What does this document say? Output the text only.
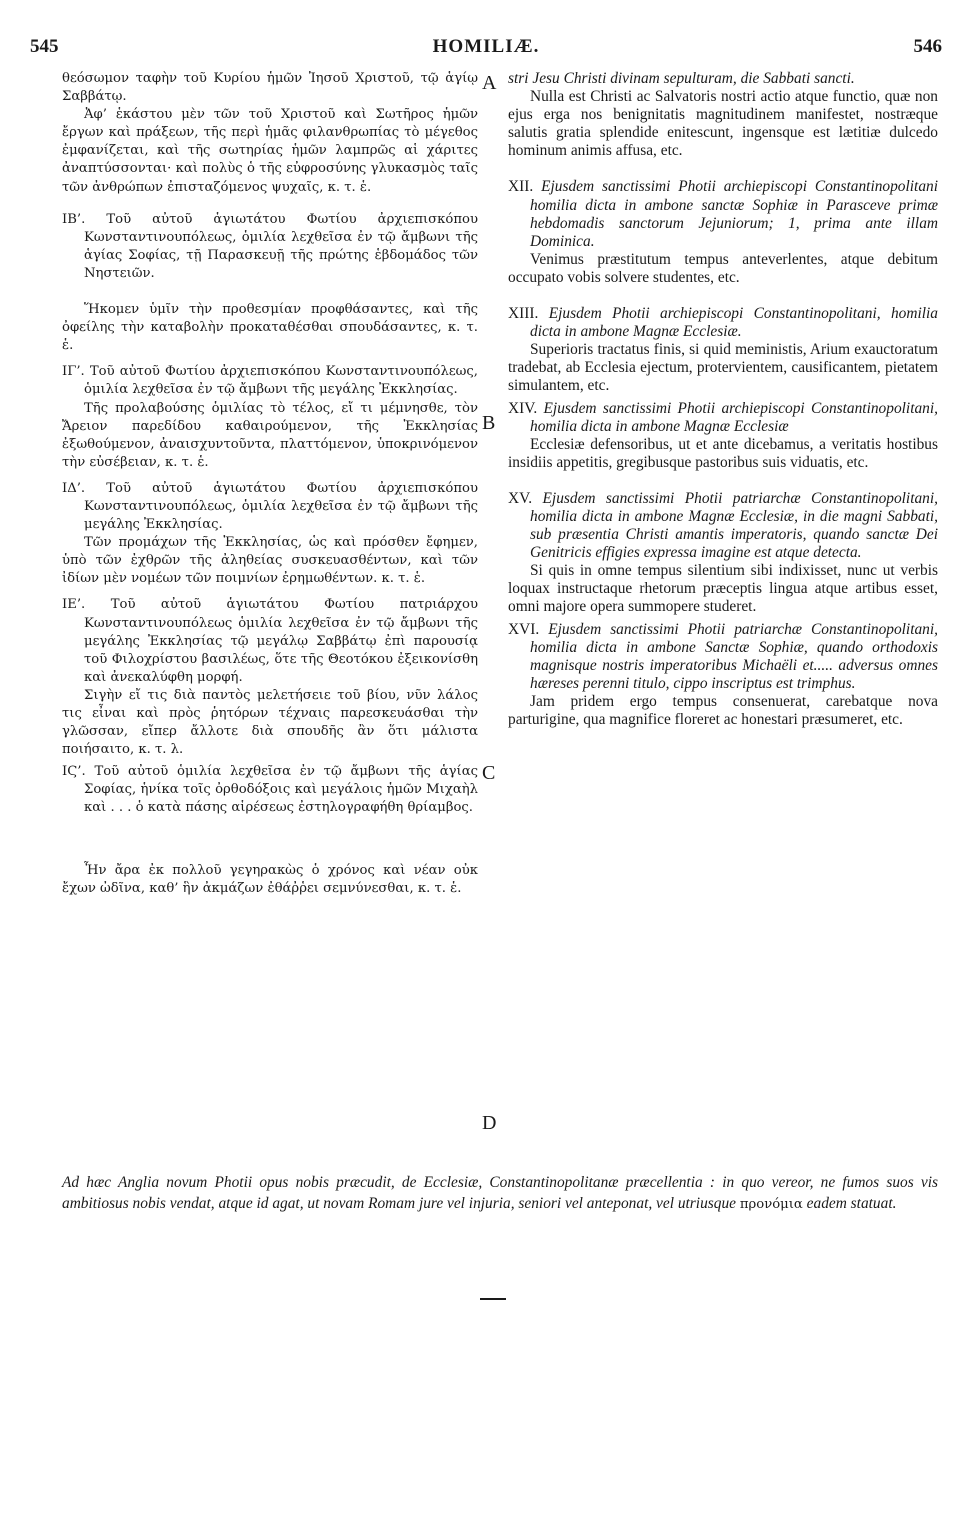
545	HOMILIÆ.	546

θεόσωμον ταφὴν τοῦ Κυρίου ἡμῶν Ἰησοῦ Χριστοῦ, τῷ ἁγίῳ Σαββάτῳ.

Ἀφ’ ἑκάστου μὲν τῶν τοῦ Χριστοῦ καὶ Σωτῆρος ἡμῶν ἔργων καὶ πράξεων, τῆς περὶ ἡμᾶς φιλανθρωπίας τὸ μέγεθος ἐμφανίζεται, καὶ τῆς σωτηρίας ἡμῶν λαμπρῶς αἱ χάριτες ἀναπτύσσονται· καὶ πολὺς ὁ τῆς εὐφροσύνης γλυκασμὸς ταῖς τῶν ἀνθρώπων ἐπισταζόμενος ψυχαῖς, κ. τ. ἑ.

ΙΒ’. Τοῦ αὐτοῦ ἁγιωτάτου Φωτίου ἀρχιεπισκόπου Κωνσταντινουπόλεως, ὁμιλία λεχθεῖσα ἐν τῷ ἄμβωνι τῆς ἁγίας Σοφίας, τῇ Παρασκευῇ τῆς πρώτης ἑβδομάδος τῶν Νηστειῶν.

Ἥκομεν ὑμῖν τὴν προθεσμίαν προφθάσαντες, καὶ τῆς ὀφείλης τὴν καταβολὴν προκαταθέσθαι σπουδάσαντες, κ. τ. ἑ.

ΙΓ’. Τοῦ αὐτοῦ Φωτίου ἀρχιεπισκόπου Κωνσταντινουπόλεως, ὁμιλία λεχθεῖσα ἐν τῷ ἄμβωνι τῆς μεγάλης Ἐκκλησίας.

Τῆς προλαβούσης ὁμιλίας τὸ τέλος, εἴ τι μέμνησθε, τὸν Ἄρειον παρεδίδου καθαιρούμενον, τῆς Ἐκκλησίας ἐξωθούμενον, ἀναισχυντοῦντα, πλαττόμενον, ὑποκρινόμενον τὴν εὐσέβειαν, κ. τ. ἑ.

ΙΔ’. Τοῦ αὐτοῦ ἁγιωτάτου Φωτίου ἀρχιεπισκόπου Κωνσταντινουπόλεως, ὁμιλία λεχθεῖσα ἐν τῷ ἄμβωνι τῆς μεγάλης Ἐκκλησίας.

Τῶν προμάχων τῆς Ἐκκλησίας, ὡς καὶ πρόσθεν ἔφημεν, ὑπὸ τῶν ἐχθρῶν τῆς ἀληθείας συσκευασθέντων, καὶ τῶν ἰδίων μὲν νομέων τῶν ποιμνίων ἐρημωθέντων. κ. τ. ἑ.

ΙΕ’. Τοῦ αὐτοῦ ἁγιωτάτου Φωτίου πατριάρχου Κωνσταντινουπόλεως ὁμιλία λεχθεῖσα ἐν τῷ ἄμβωνι τῆς μεγάλης Ἐκκλησίας τῷ μεγάλῳ Σαββάτῳ ἐπὶ παρουσίᾳ τοῦ Φιλοχρίστου βασιλέως, ὅτε τῆς Θεοτόκου ἐξεικονίσθη καὶ ἀνεκαλύφθη μορφή.

Σιγὴν εἴ τις διὰ παντὸς μελετήσειε τοῦ βίου, νῦν λάλος τις εἶναι καὶ πρὸς ῥητόρων τέχναις παρεσκευάσθαι τὴν γλῶσσαν, εἴπερ ἄλλοτε διὰ σπουδῆς ἂν ὅτι μάλιστα ποιήσαιτο, κ. τ. λ.

ΙϚ’. Τοῦ αὐτοῦ ὁμιλία λεχθεῖσα ἐν τῷ ἄμβωνι τῆς ἁγίας Σοφίας, ἡνίκα τοῖς ὀρθοδόξοις καὶ μεγάλοις ἡμῶν Μιχαὴλ καὶ . . . ὁ κατὰ πάσης αἱρέσεως ἐστηλογραφήθη θρίαμβος.

Ἦν ἄρα ἐκ πολλοῦ γεγηρακὼς ὁ χρόνος καὶ νέαν οὐκ ἔχων ὠδῖνα, καθ’ ἣν ἀκμάζων ἐθάῤῥει σεμνύνεσθαι, κ. τ. ἑ.

A
B
C
D

stri Jesu Christi divinam sepulturam, die Sabbati sancti.

Nulla est Christi ac Salvatoris nostri actio atque functio, quæ non ejus erga nos benignitatis magnitudinem manifestet, nostræque salutis gratia splendide enitescunt, ingensque est lætitiæ dulcedo hominum animis affusa, etc.

XII. Ejusdem sanctissimi Photii archiepiscopi Constantinopolitani homilia dicta in ambone sanctæ Sophiæ in Parasceve primæ hebdomadis sanctorum Jejuniorum; 1, prima ante illam Dominica.

Venimus præstitutum tempus anteverlentes, atque debitum occupato vobis solvere studentes, etc.

XIII. Ejusdem Photii archiepiscopi Constantinopolitani, homilia dicta in ambone Magnæ Ecclesiæ.

Superioris tractatus finis, si quid meministis, Arium exauctoratum tradebat, ab Ecclesia ejectum, protervientem, causificantem, pietatem simulantem, etc.

XIV. Ejusdem sanctissimi Photii archiepiscopi Constantinopolitani, homilia dicta in ambone Magnæ Ecclesiæ

Ecclesiæ defensoribus, ut et ante dicebamus, a veritatis hostibus insidiis appetitis, gregibusque pastoribus suis viduatis, etc.

XV. Ejusdem sanctissimi Photii patriarchæ Constantinopolitani, homilia dicta in ambone Magnæ Ecclesiæ, in die magni Sabbati, sub præsentia Christi amantis imperatoris, quando sanctæ Dei Genitricis effigies expressa imagine est atque detecta.

Si quis in omne tempus silentium sibi indixisset, nunc ut verbis loquax instructaque rhetorum præceptis lingua atque artibus esset, omni majore opera summopere studeret.

XVI. Ejusdem sanctissimi Photii patriarchæ Constantinopolitani, homilia dicta in ambone Sanctæ Sophiæ, quando orthodoxis magnisque nostris imperatoribus Michaëli et..... adversus omnes hæreses perenni titulo, cippo inscriptus est trimphus.

Jam pridem ergo tempus consenuerat, carebatque nova parturigine, qua magnifice floreret ac honestari præsumeret, etc.

Ad hæc Anglia novum Photii opus nobis præcudit, de Ecclesiæ, Constantinopolitanæ præcellentia : in quo vereor, ne fumos suos vis ambitiosus nobis vendat, atque id agat, ut novam Romam jure vel injuria, seniori vel anteponat, vel utriusque προνόμια eadem statuat.
